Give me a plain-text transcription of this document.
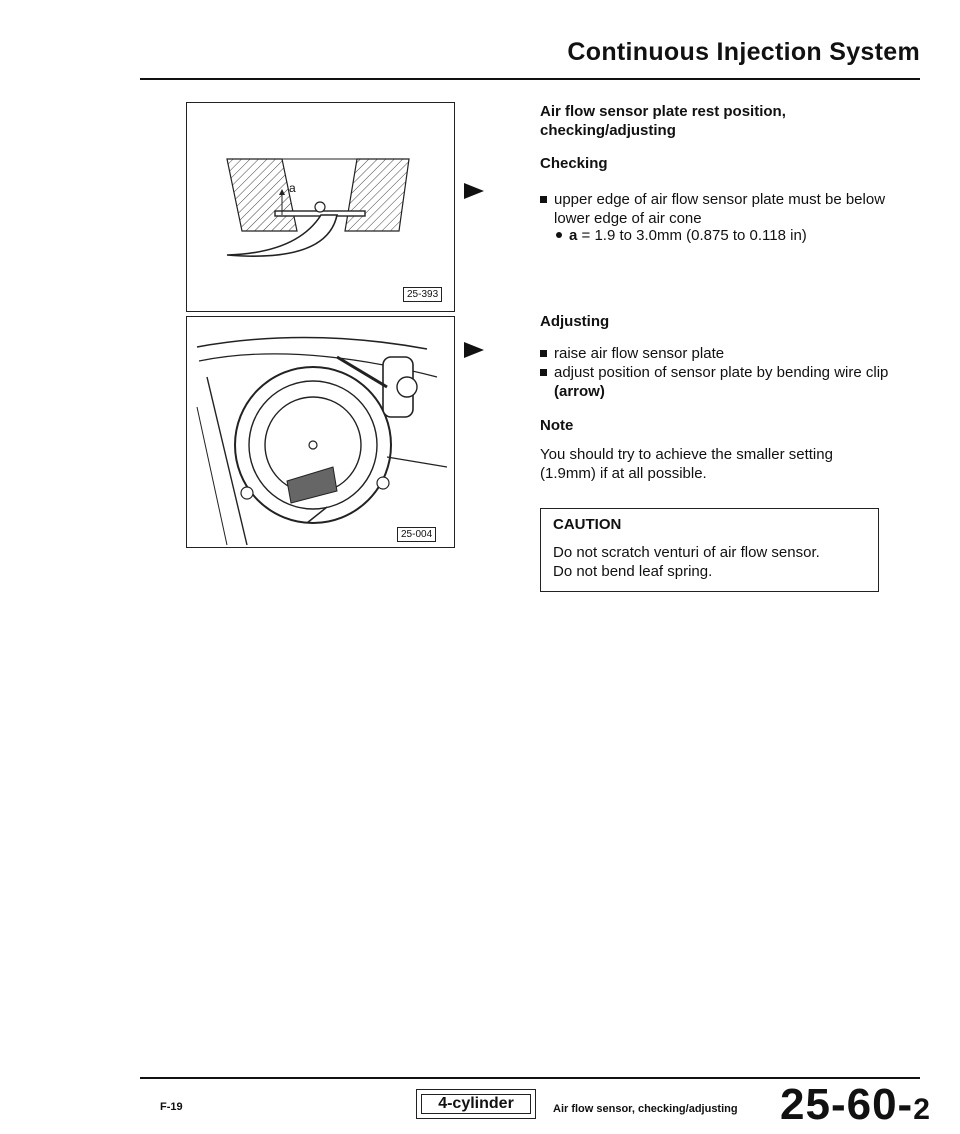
Continuous Injection System
a
25-393
25-004
Air flow sensor plate rest position, checking/adjusting
Checking
upper edge of air flow sensor plate must be below lower edge of air cone
a = 1.9 to 3.0mm (0.875 to 0.118 in)
Adjusting
raise air flow sensor plate
adjust position of sensor plate by bending wire clip (arrow)
Note
You should try to achieve the smaller setting (1.9mm) if at all possible.
CAUTION
Do not scratch venturi of air flow sensor.
Do not bend leaf spring.
F-19	4-cylinder	Air flow sensor, checking/adjusting 25-60-2
